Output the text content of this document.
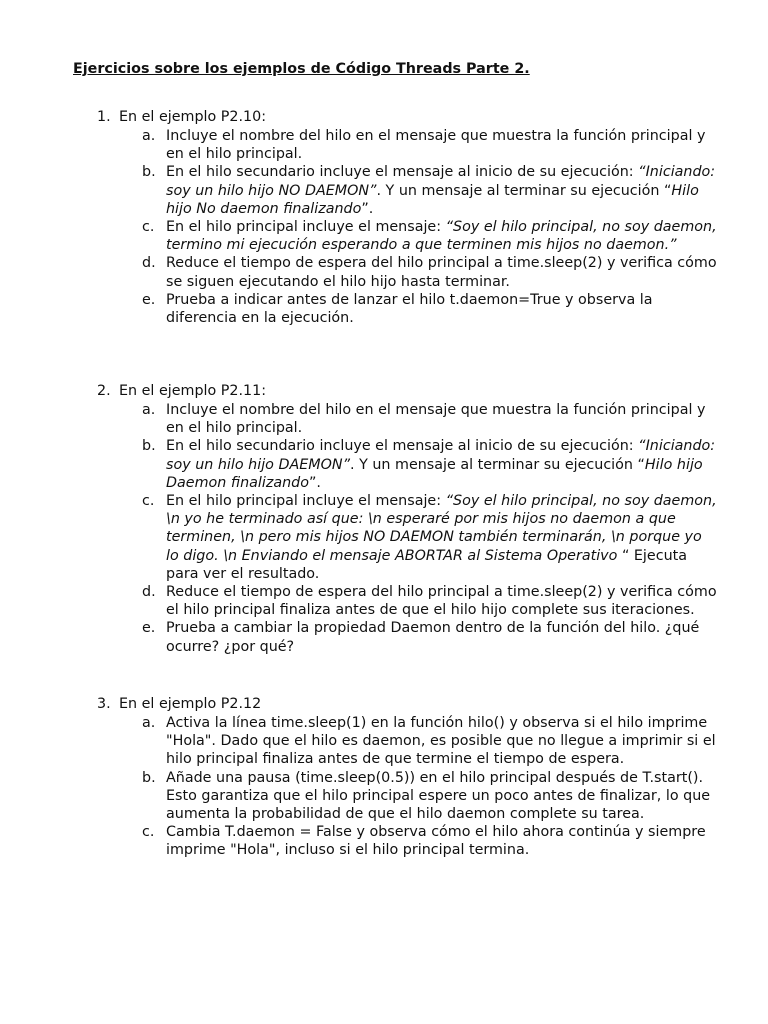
Ejercicios sobre los ejemplos de Código Threads Parte 2.

1. En el ejemplo P2.10:
a. Incluye el nombre del hilo en el mensaje que muestra la función principal y en el hilo principal.
b. En el hilo secundario incluye el mensaje al inicio de su ejecución: “Iniciando: soy un hilo hijo NO DAEMON”. Y un mensaje al terminar su ejecución “Hilo hijo No daemon finalizando”.
c. En el hilo principal incluye el mensaje: “Soy el hilo principal, no soy daemon, termino mi ejecución esperando a que terminen mis hijos no daemon.”
d. Reduce el tiempo de espera del hilo principal a time.sleep(2) y verifica cómo se siguen ejecutando el hilo hijo hasta terminar.
e. Prueba a indicar antes de lanzar el hilo t.daemon=True y observa la diferencia en la ejecución.
2. En el ejemplo P2.11:
a. Incluye el nombre del hilo en el mensaje que muestra la función principal y en el hilo principal.
b. En el hilo secundario incluye el mensaje al inicio de su ejecución: “Iniciando: soy un hilo hijo DAEMON”. Y un mensaje al terminar su ejecución “Hilo hijo Daemon finalizando”.
c. En el hilo principal incluye el mensaje: “Soy el hilo principal, no soy daemon, \n yo he terminado así que: \n esperaré por mis hijos no daemon a que terminen, \n pero mis hijos NO DAEMON también terminarán, \n porque yo lo digo. \n Enviando el mensaje ABORTAR al Sistema Operativo “ Ejecuta para ver el resultado.
d. Reduce el tiempo de espera del hilo principal a time.sleep(2) y verifica cómo el hilo principal finaliza antes de que el hilo hijo complete sus iteraciones.
e. Prueba a cambiar la propiedad Daemon dentro de la función del hilo. ¿qué ocurre? ¿por qué?
3. En el ejemplo P2.12
a. Activa la línea time.sleep(1) en la función hilo() y observa si el hilo imprime "Hola". Dado que el hilo es daemon, es posible que no llegue a imprimir si el hilo principal finaliza antes de que termine el tiempo de espera.
b. Añade una pausa (time.sleep(0.5)) en el hilo principal después de T.start(). Esto garantiza que el hilo principal espere un poco antes de finalizar, lo que aumenta la probabilidad de que el hilo daemon complete su tarea.
c. Cambia T.daemon = False y observa cómo el hilo ahora continúa y siempre imprime "Hola", incluso si el hilo principal termina.
